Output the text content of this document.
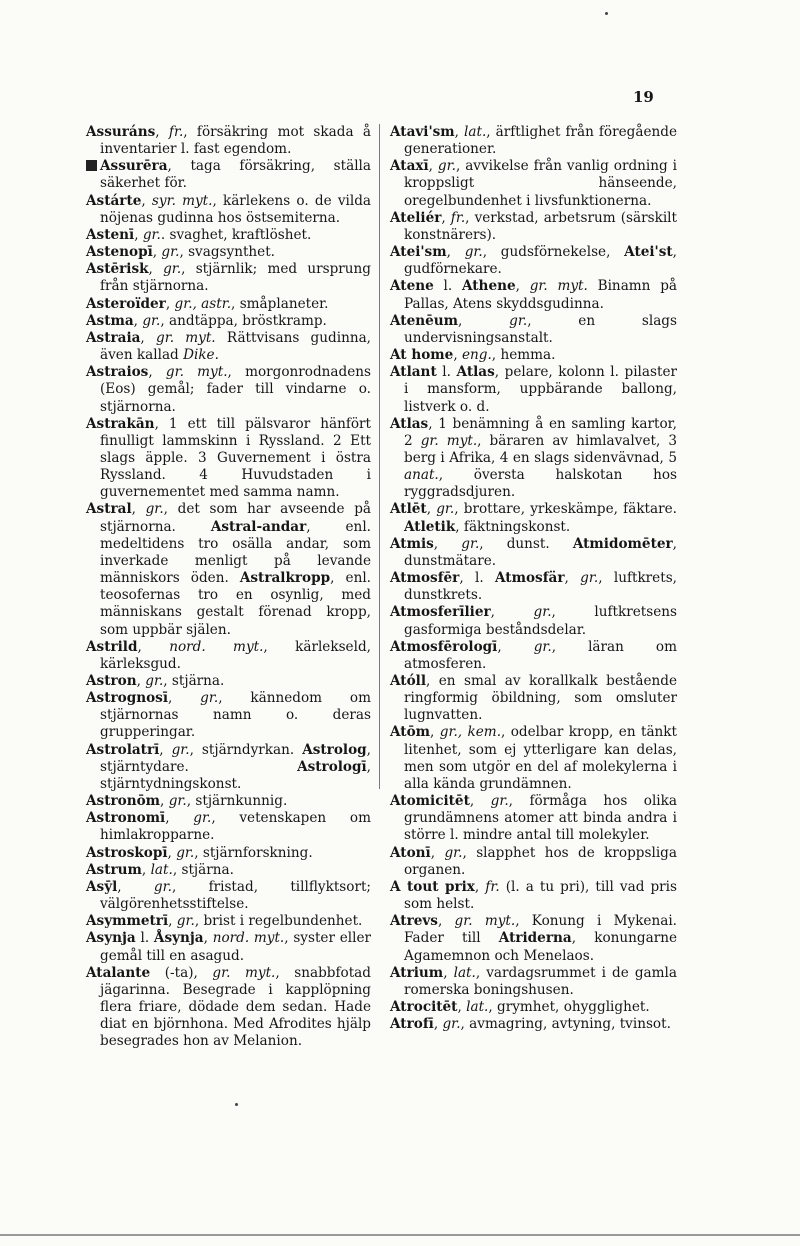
19

Assuráns, fr., försäkring mot skada å inventarier l. fast egendom.

Assurēra, taga försäkring, ställa säkerhet för.

Astárte, syr. myt., kärlekens o. de vilda nöjenas gudinna hos östsemiterna.

Astenī, gr.. svaghet, kraftlöshet.

Astenopī, gr., svagsynthet.

Astērisk, gr., stjärnlik; med ursprung från stjärnorna.

Asteroïder, gr., astr., småplaneter.

Astma, gr., andtäppa, bröstkramp.

Astraia, gr. myt. Rättvisans gudinna, även kallad Dike.

Astraios, gr. myt., morgonrodnadens (Eos) gemål; fader till vindarne o. stjärnorna.

Astrakān, 1 ett till pälsvaror hänfört finulligt lammskinn i Ryssland. 2 Ett slags äpple. 3 Guvernement i östra Ryssland. 4 Huvudstaden i guvernementet med samma namn.

Astral, gr., det som har avseende på stjärnorna. Astral-andar, enl. medeltidens tro osälla andar, som inverkade menligt på levande människors öden. Astralkropp, enl. teosofernas tro en osynlig, med människans gestalt förenad kropp, som uppbär själen.

Astrild, nord. myt., kärlekseld, kärleksgud.

Astron, gr., stjärna.

Astrognosī, gr., kännedom om stjärnornas namn o. deras grupperingar.

Astrolatrī, gr., stjärndyrkan. Astrolog, stjärntydare. Astrologī, stjärntydningskonst.

Astronōm, gr., stjärnkunnig.

Astronomī, gr., vetenskapen om himlakropparne.

Astroskopī, gr., stjärnforskning.

Astrum, lat., stjärna.

Asȳl, gr., fristad, tillflyktsort; välgörenhetsstiftelse.

Asymmetrī, gr., brist i regelbundenhet.

Asynja l. Åsynja, nord. myt., syster eller gemål till en asagud.

Atalante (-ta), gr. myt., snabbfotad jägarinna. Besegrade i kapplöpning flera friare, dödade dem sedan. Hade diat en björnhona. Med Afrodites hjälp besegrades hon av Melanion.

Atavi'sm, lat., ärftlighet från föregående generationer.

Ataxī, gr., avvikelse från vanlig ordning i kroppsligt hänseende, oregelbundenhet i livsfunktionerna.

Ateliér, fr., verkstad, arbetsrum (särskilt konstnärers).

Atei'sm, gr., gudsförnekelse, Atei'st, gudförnekare.

Atene l. Athene, gr. myt. Binamn på Pallas, Atens skyddsgudinna.

Atenēum, gr., en slags undervisningsanstalt.

At home, eng., hemma.

Atlant l. Atlas, pelare, kolonn l. pilaster i mansform, uppbärande ballong, listverk o. d.

Atlas, 1 benämning å en samling kartor, 2 gr. myt., bäraren av himlavalvet, 3 berg i Afrika, 4 en slags sidenvävnad, 5 anat., översta halskotan hos ryggradsdjuren.

Atlēt, gr., brottare, yrkeskämpe, fäktare. Atletik, fäktningskonst.

Atmis, gr., dunst. Atmidomēter, dunstmätare.

Atmosfēr, l. Atmosfär, gr., luftkrets, dunstkrets.

Atmosferīlier, gr., luftkretsens gasformiga beståndsdelar.

Atmosfērologī, gr., läran om atmosferen.

Atóll, en smal av korallkalk bestående ringformig öbildning, som omsluter lugnvatten.

Atōm, gr., kem., odelbar kropp, en tänkt litenhet, som ej ytterligare kan delas, men som utgör en del af molekylerna i alla kända grundämnen.

Atomicitēt, gr., förmåga hos olika grundämnens atomer att binda andra i större l. mindre antal till molekyler.

Atonī, gr., slapphet hos de kroppsliga organen.

A tout prix, fr. (l. a tu pri), till vad pris som helst.

Atrevs, gr. myt., Konung i Mykenai. Fader till Atriderna, konungarne Agamemnon och Menelaos.

Atrium, lat., vardagsrummet i de gamla romerska boningshusen.

Atrocitēt, lat., grymhet, ohygglighet.

Atrofī, gr., avmagring, avtyning, tvinsot.
